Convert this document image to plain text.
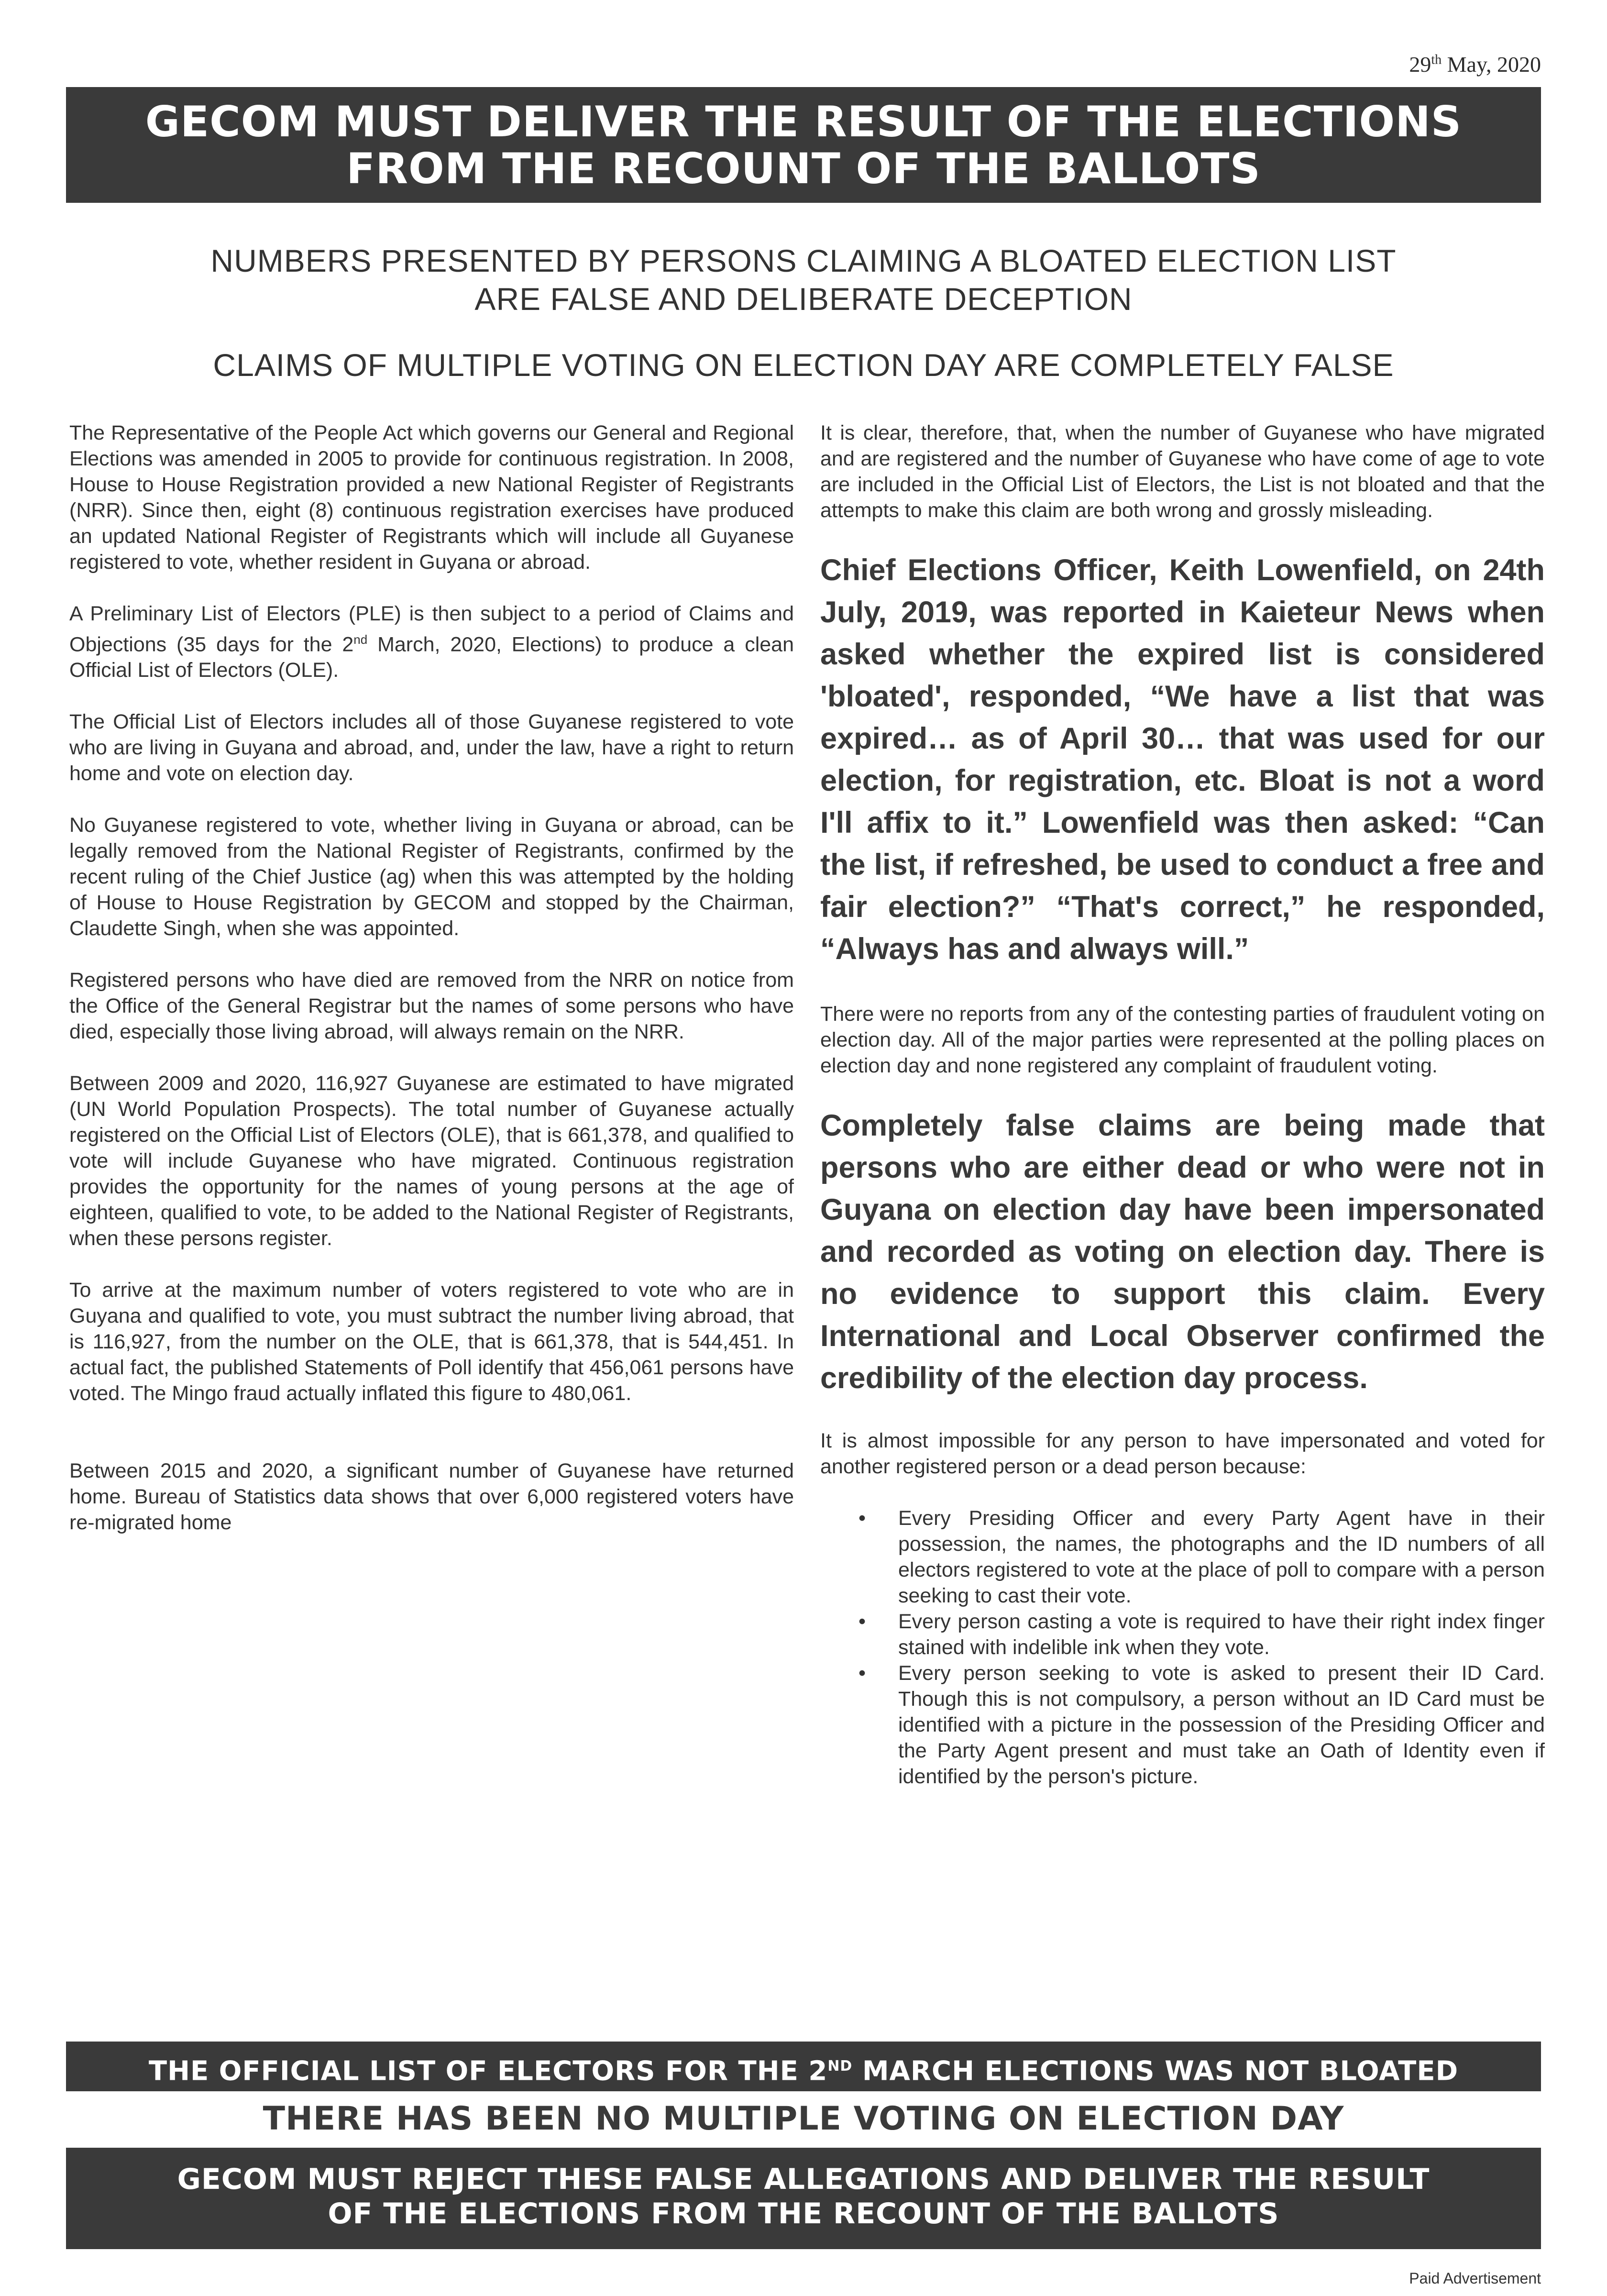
29th May, 2020
GECOM MUST DELIVER THE RESULT OF THE ELECTIONS
FROM THE RECOUNT OF THE BALLOTS
NUMBERS PRESENTED BY PERSONS CLAIMING A BLOATED ELECTION LIST
ARE FALSE AND DELIBERATE DECEPTION
CLAIMS OF MULTIPLE VOTING ON ELECTION DAY ARE COMPLETELY FALSE

The Representative of the People Act which governs our General and Regional Elections was amended in 2005 to provide for continuous registration. In 2008, House to House Registration provided a new National Register of Registrants (NRR). Since then, eight (8) continuous registration exercises have produced an updated National Register of Registrants which will include all Guyanese registered to vote, whether resident in Guyana or abroad.

A Preliminary List of Electors (PLE) is then subject to a period of Claims and Objections (35 days for the 2nd March, 2020, Elections) to produce a clean Official List of Electors (OLE).

The Official List of Electors includes all of those Guyanese registered to vote who are living in Guyana and abroad, and, under the law, have a right to return home and vote on election day.

No Guyanese registered to vote, whether living in Guyana or abroad, can be legally removed from the National Register of Registrants, confirmed by the recent ruling of the Chief Justice (ag) when this was attempted by the holding of House to House Registration by GECOM and stopped by the Chairman, Claudette Singh, when she was appointed.

Registered persons who have died are removed from the NRR on notice from the Office of the General Registrar but the names of some persons who have died, especially those living abroad, will always remain on the NRR.

Between 2009 and 2020, 116,927 Guyanese are estimated to have migrated (UN World Population Prospects). The total number of Guyanese actually registered on the Official List of Electors (OLE), that is 661,378, and qualified to vote will include Guyanese who have migrated. Continuous registration provides the opportunity for the names of young persons at the age of eighteen, qualified to vote, to be added to the National Register of Registrants, when these persons register.

To arrive at the maximum number of voters registered to vote who are in Guyana and qualified to vote, you must subtract the number living abroad, that is 116,927, from the number on the OLE, that is 661,378, that is 544,451. In actual fact, the published Statements of Poll identify that 456,061 persons have voted. The Mingo fraud actually inflated this figure to 480,061.

Between 2015 and 2020, a significant number of Guyanese have returned home. Bureau of Statistics data shows that over 6,000 registered voters have re-migrated home

It is clear, therefore, that, when the number of Guyanese who have migrated and are registered and the number of Guyanese who have come of age to vote are included in the Official List of Electors, the List is not bloated and that the attempts to make this claim are both wrong and grossly misleading.

Chief Elections Officer, Keith Lowenfield, on 24th July, 2019, was reported in Kaieteur News when asked whether the expired list is considered 'bloated', responded, “We have a list that was expired… as of April 30… that was used for our election, for registration, etc. Bloat is not a word I'll affix to it.” Lowenfield was then asked: “Can the list, if refreshed, be used to conduct a free and fair election?” “That's correct,” he responded, “Always has and always will.”

There were no reports from any of the contesting parties of fraudulent voting on election day. All of the major parties were represented at the polling places on election day and none registered any complaint of fraudulent voting.

Completely false claims are being made that persons who are either dead or who were not in Guyana on election day have been impersonated and recorded as voting on election day. There is no evidence to support this claim. Every International and Local Observer confirmed the credibility of the election day process.

It is almost impossible for any person to have impersonated and voted for another registered person or a dead person because:

• Every Presiding Officer and every Party Agent have in their possession, the names, the photographs and the ID numbers of all electors registered to vote at the place of poll to compare with a person seeking to cast their vote.
• Every person casting a vote is required to have their right index finger stained with indelible ink when they vote.
• Every person seeking to vote is asked to present their ID Card. Though this is not compulsory, a person without an ID Card must be identified with a picture in the possession of the Presiding Officer and the Party Agent present and must take an Oath of Identity even if identified by the person's picture.
THE OFFICIAL LIST OF ELECTORS FOR THE 2ND MARCH ELECTIONS WAS NOT BLOATED
THERE HAS BEEN NO MULTIPLE VOTING ON ELECTION DAY
GECOM MUST REJECT THESE FALSE ALLEGATIONS AND DELIVER THE RESULT
OF THE ELECTIONS FROM THE RECOUNT OF THE BALLOTS
Paid Advertisement
